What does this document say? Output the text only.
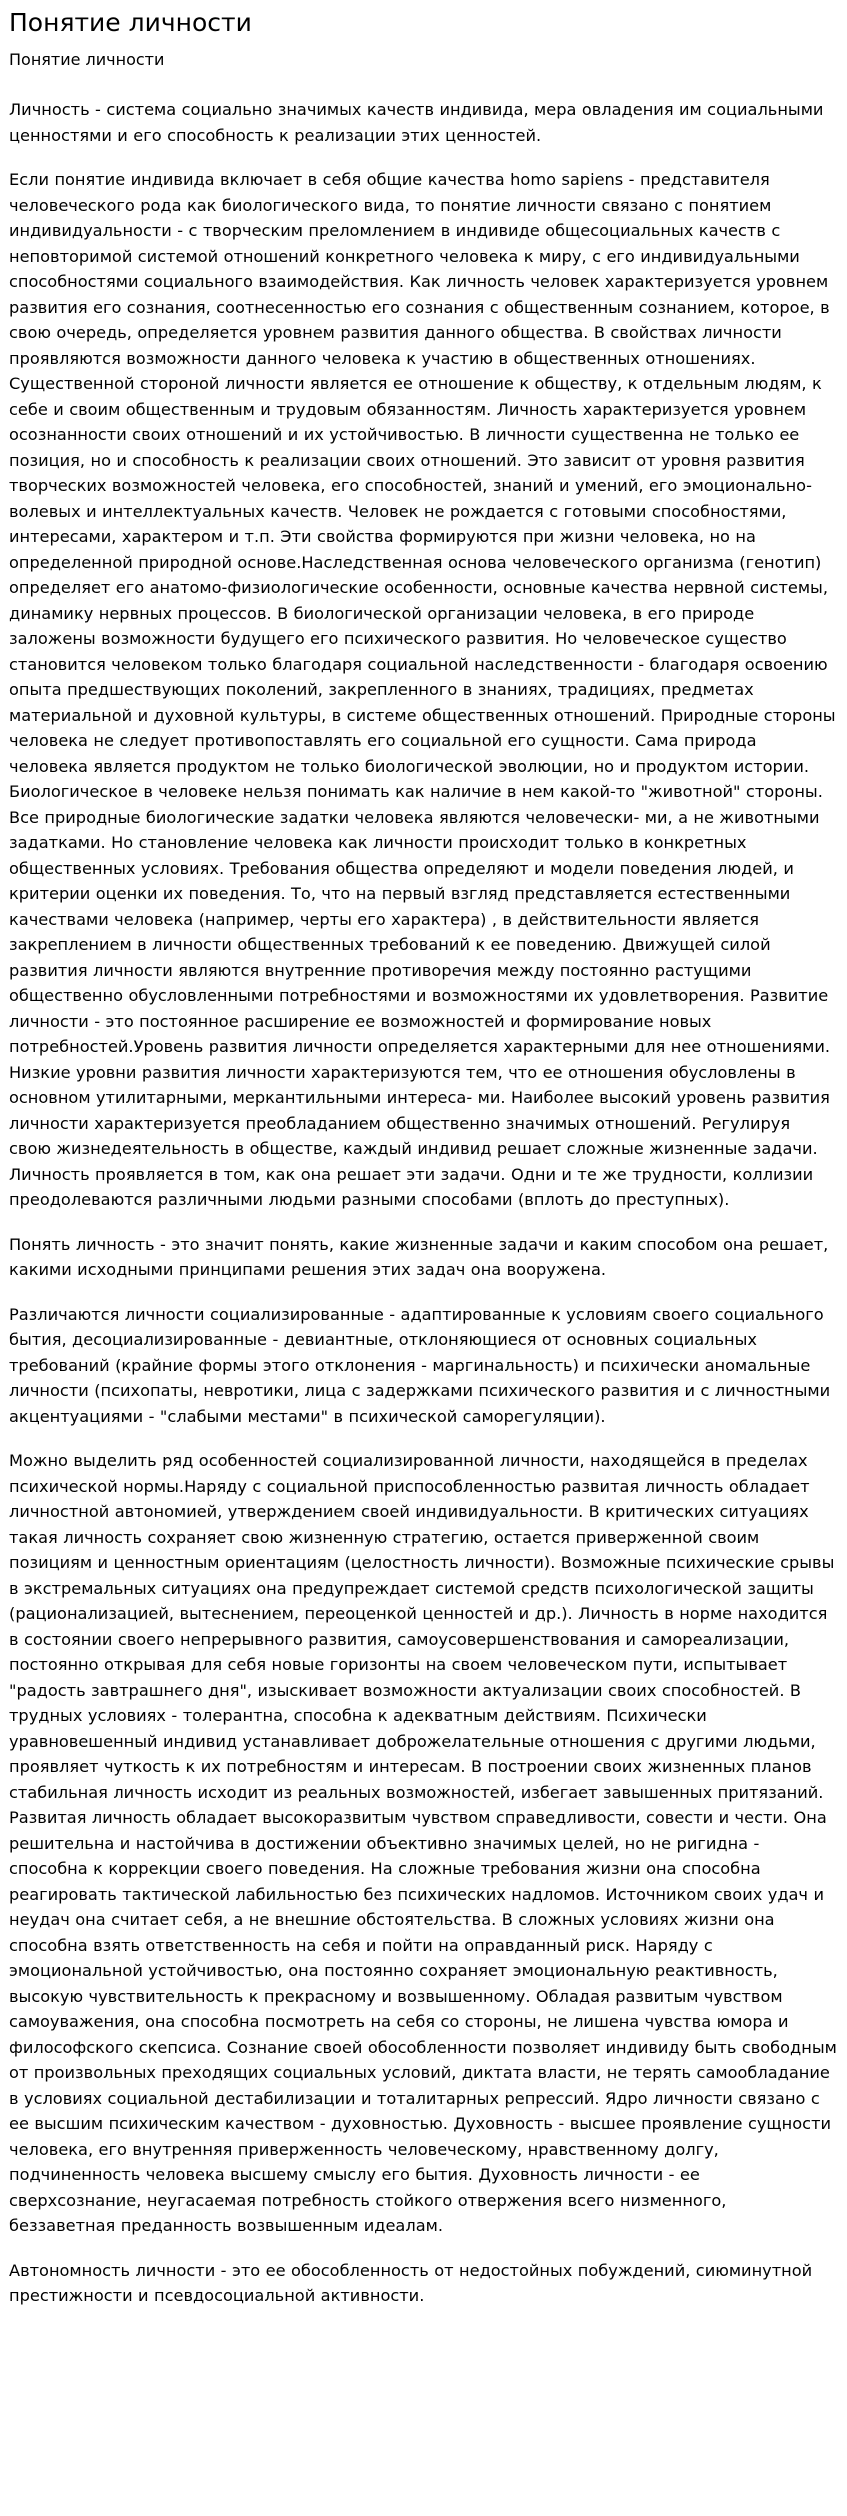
Понятие личности
Понятие личности

Личность - система социально значимых качеств индивида, мера овладения им социальными ценностями и его способность к реализации этих ценностей.

Если понятие индивида включает в себя общие качества homo sapiens - представителя человеческого рода как биологического вида, то понятие личности связано с понятием индивидуальности - с творческим преломлением в индивиде общесоциальных качеств с неповторимой системой отношений конкретного человека к миру, с его индивидуальными способностями социального взаимодействия. Как личность человек характеризуется уровнем развития его сознания, соотнесенностью его сознания с общественным сознанием, которое, в свою очередь, определяется уровнем развития данного общества. В свойствах личности проявляются возможности данного человека к участию в общественных отношениях. Существенной стороной личности является ее отношение к обществу, к отдельным людям, к себе и своим общественным и трудовым обязанностям. Личность характеризуется уровнем осознанности своих отношений и их устойчивостью. В личности существенна не только ее позиция, но и способность к реализации своих отношений. Это зависит от уровня развития творческих возможностей человека, его способностей, знаний и умений, его эмоционально-волевых и интеллектуальных качеств. Человек не рождается с готовыми способностями, интересами, характером и т.п. Эти свойства формируются при жизни человека, но на определенной природной основе.Наследственная основа человеческого организма (генотип) определяет его анатомо-физиологические особенности, основные качества нервной системы, динамику нервных процессов. В биологической организации человека, в его природе заложены возможности будущего его психического развития. Но человеческое существо становится человеком только благодаря социальной наследственности - благодаря освоению опыта предшествующих поколений, закрепленного в знаниях, традициях, предметах материальной и духовной культуры, в системе общественных отношений. Природные стороны человека не следует противопоставлять его социальной его сущности. Сама природа человека является продуктом не только биологической эволюции, но и продуктом истории. Биологическое в человеке нельзя понимать как наличие в нем какой-то "животной" стороны. Все природные биологические задатки человека являются человечески- ми, а не животными задатками. Но становление человека как личности происходит только в конкретных общественных условиях. Требования общества определяют и модели поведения людей, и критерии оценки их поведения. То, что на первый взгляд представляется естественными качествами человека (например, черты его характера) , в действительности является закреплением в личности общественных требований к ее поведению. Движущей силой развития личности являются внутренние противоречия между постоянно растущими общественно обусловленными потребностями и возможностями их удовлетворения. Развитие личности - это постоянное расширение ее возможностей и формирование новых потребностей.Уровень развития личности определяется характерными для нее отношениями. Низкие уровни развития личности характеризуются тем, что ее отношения обусловлены в основном утилитарными, меркантильными интереса- ми. Наиболее высокий уровень развития личности характеризуется преобладанием общественно значимых отношений. Регулируя свою жизнедеятельность в обществе, каждый индивид решает сложные жизненные задачи. Личность проявляется в том, как она решает эти задачи. Одни и те же трудности, коллизии преодолеваются различными людьми разными способами (вплоть до преступных).

Понять личность - это значит понять, какие жизненные задачи и каким способом она решает, какими исходными принципами решения этих задач она вооружена.

Различаются личности социализированные - адаптированные к условиям своего социального бытия, десоциализированные - девиантные, отклоняющиеся от основных социальных требований (крайние формы этого отклонения - маргинальность) и психически аномальные личности (психопаты, невротики, лица с задержками психического развития и с личностными акцентуациями - "слабыми местами" в психической саморегуляции).

Можно выделить ряд особенностей социализированной личности, находящейся в пределах психической нормы.Наряду с социальной приспособленностью развитая личность обладает личностной автономией, утверждением своей индивидуальности. В критических ситуациях такая личность сохраняет свою жизненную стратегию, остается приверженной своим позициям и ценностным ориентациям (целостность личности). Возможные психические срывы в экстремальных ситуациях она предупреждает системой средств психологической защиты (рационализацией, вытеснением, переоценкой ценностей и др.). Личность в норме находится в состоянии своего непрерывного развития, самоусовершенствования и самореализации, постоянно открывая для себя новые горизонты на своем человеческом пути, испытывает "радость завтрашнего дня", изыскивает возможности актуализации своих способностей. В трудных условиях - толерантна, способна к адекватным действиям. Психически уравновешенный индивид устанавливает доброжелательные отношения с другими людьми, проявляет чуткость к их потребностям и интересам. В построении своих жизненных планов стабильная личность исходит из реальных возможностей, избегает завышенных притязаний. Развитая личность обладает высокоразвитым чувством справедливости, совести и чести. Она решительна и настойчива в достижении объективно значимых целей, но не ригидна - способна к коррекции своего поведения. На сложные требования жизни она способна реагировать тактической лабильностью без психических надломов. Источником своих удач и неудач она считает себя, а не внешние обстоятельства. В сложных условиях жизни она способна взять ответственность на себя и пойти на оправданный риск. Наряду с эмоциональной устойчивостью, она постоянно сохраняет эмоциональную реактивность, высокую чувствительность к прекрасному и возвышенному. Обладая развитым чувством самоуважения, она способна посмотреть на себя со стороны, не лишена чувства юмора и философского скепсиса. Сознание своей обособленности позволяет индивиду быть свободным от произвольных преходящих социальных условий, диктата власти, не терять самообладание в условиях социальной дестабилизации и тоталитарных репрессий. Ядро личности связано с ее высшим психическим качеством - духовностью. Духовность - высшее проявление сущности человека, его внутренняя приверженность человеческому, нравственному долгу, подчиненность человека высшему смыслу его бытия. Духовность личности - ее сверхсознание, неугасаемая потребность стойкого отвержения всего низменного, беззаветная преданность возвышенным идеалам.

Автономность личности - это ее обособленность от недостойных побуждений, сиюминутной престижности и псевдосоциальной активности.
